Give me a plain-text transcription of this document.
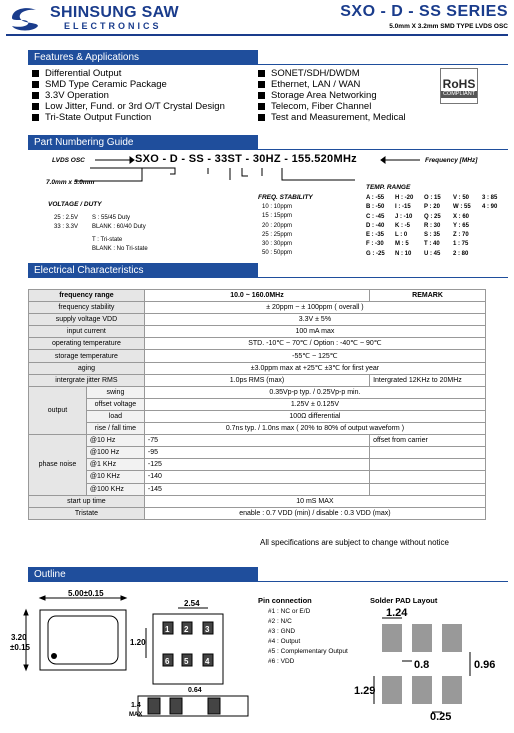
SHINSUNG SAW
ELECTRONICS
SXO - D - SS SERIES
5.0mm X 3.2mm SMD TYPE LVDS OSC
Features & Applications
Differential Output
SMD Type Ceramic Package
3.3V Operation
Low Jitter, Fund. or 3rd O/T Crystal Design
Tri-State Output Function
SONET/SDH/DWDM
Ethernet, LAN / WAN
Storage Area Networking
Telecom, Fiber Channel
Test and Measurement, Medical
RoHS
COMPLIANT
Part Numbering Guide
LVDS OSC	SXO - D - SS - 33ST - 30HZ - 155.520MHz	Frequency [MHz]
7.0mm x 5.0mm
VOLTAGE / DUTY
25 : 2.5V
33 : 3.3V
S : 55/45 Duty
BLANK : 60/40 Duty
T : Tri-state
BLANK : No Tri-state
FREQ. STABILITY
10 : 10ppm
15 : 15ppm
20 : 20ppm
25 : 25ppm
30 : 30ppm
50 : 50ppm
TEMP. RANGE
A : -55	H : -20	O : 15	V : 50	3 : 85
B : -50	I : -15	P : 20	W : 55	4 : 90
C : -45	J : -10	Q : 25	X : 60
D : -40	K : -5	R : 30	Y : 65
E : -35	L : 0	S : 35	Z : 70
F : -30	M : 5	T : 40	1 : 75
G : -25	N : 10	U : 45	2 : 80
Electrical Characteristics
frequency range		10.0 ~ 160.0MHz	REMARK
frequency stability		± 20ppm ~ ± 100ppm ( overall )	
supply voltage VDD		3.3V ± 5%	
input current		100 mA max	
operating temperature		STD. -10℃ ~ 70℃ / Option : -40℃ ~ 90℃	
storage temperature		-55℃ ~ 125℃	
aging		±3.0ppm max at +25℃ ±3℃ for first year	
intergrate jitter RMS		1.0ps RMS (max)	Intergrated 12KHz to 20MHz
output	swing	0.35Vp-p typ. / 0.25Vp-p min.	
	offset voltage	1.25V ± 0.125V	
	load	100Ω differential	
	rise / fall time	0.7ns typ. / 1.0ns max ( 20% to 80% of output waveform )	
phase noise	@10 Hz	-75	offset from carrier
	@100 Hz	-95	
	@1 KHz	-125	
	@10 KHz	-140	
	@100 KHz	-145	
start up time		10 mS MAX	
Tristate		enable : 0.7 VDD (min) / disable : 0.3 VDD (max)	
All specifications are subject to change without notice
Outline
5.00±0.15
3.20
±0.15
2.54
1.20
0.64
1.4
MAX
1 2 3
6 5 4
Pin connection
#1 : NC or E/D
#2 : N/C
#3 : GND
#4 : Output
#5 : Complementary Output
#6 : VDD
Solder PAD Layout
1.24
0.8	0.96
1.29
0.25
